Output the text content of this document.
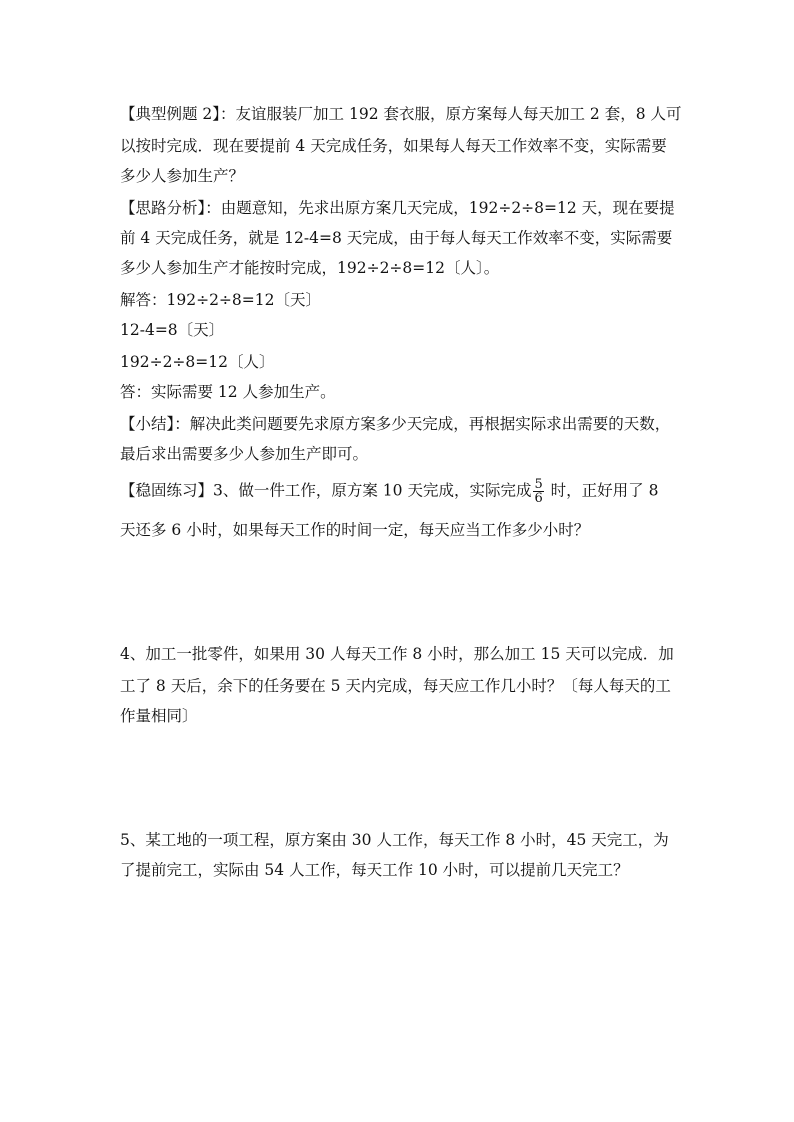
【典型例题 2】：友谊服装厂加工 192 套衣服，原方案每人每天加工 2 套，8 人可
以按时完成．现在要提前 4 天完成任务，如果每人每天工作效率不变，实际需要
多少人参加生产？
【思路分析】：由题意知，先求出原方案几天完成，192÷2÷8=12 天，现在要提
前 4 天完成任务，就是 12-4=8 天完成，由于每人每天工作效率不变，实际需要
多少人参加生产才能按时完成，192÷2÷8=12〔人〕。
解答：192÷2÷8=12〔天〕
12-4=8〔天〕
192÷2÷8=12〔人〕
答：实际需要 12 人参加生产。
【小结】：解决此类问题要先求原方案多少天完成，再根据实际求出需要的天数，
最后求出需要多少人参加生产即可。
【稳固练习】3、做一件工作，原方案 10 天完成，实际完成 $\frac{5}{6}$ 时，正好用了 8
天还多 6 小时，如果每天工作的时间一定，每天应当工作多少小时？
4、加工一批零件，如果用 30 人每天工作 8 小时，那么加工 15 天可以完成．加
工了 8 天后，余下的任务要在 5 天内完成，每天应工作几小时？〔每人每天的工
作量相同〕
5、某工地的一项工程，原方案由 30 人工作，每天工作 8 小时，45 天完工，为
了提前完工，实际由 54 人工作，每天工作 10 小时，可以提前几天完工？
